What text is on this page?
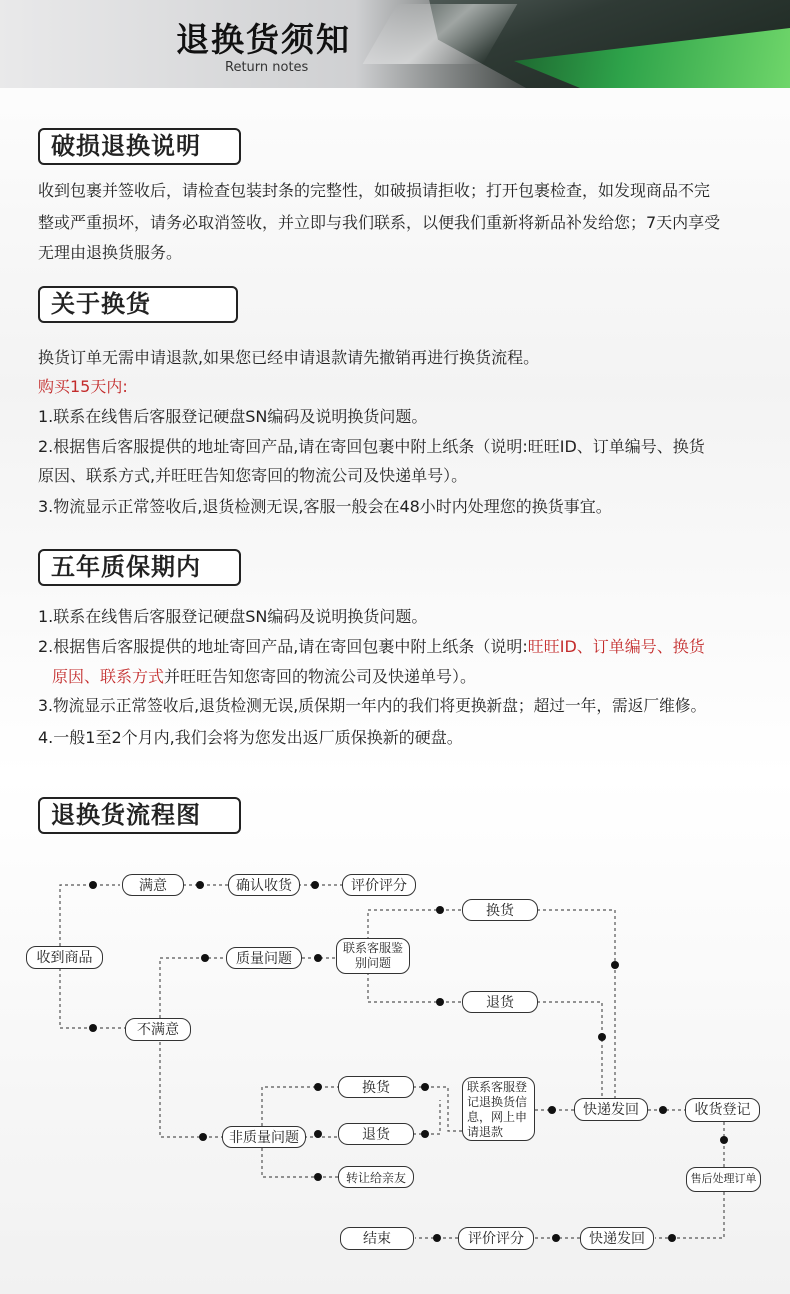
退换货须知
Return notes
破损退换说明
收到包裹并签收后，请检查包装封条的完整性，如破损请拒收；打开包裹检查，如发现商品不完
整或严重损坏，请务必取消签收，并立即与我们联系，以便我们重新将新品补发给您；7天内享受
无理由退换货服务。
关于换货
换货订单无需申请退款,如果您已经申请退款请先撤销再进行换货流程。
购买15天内:
1.联系在线售后客服登记硬盘SN编码及说明换货问题。
2.根据售后客服提供的地址寄回产品,请在寄回包裹中附上纸条（说明:旺旺ID、订单编号、换货
原因、联系方式,并旺旺告知您寄回的物流公司及快递单号）。
3.物流显示正常签收后,退货检测无误,客服一般会在48小时内处理您的换货事宜。
五年质保期内
1.联系在线售后客服登记硬盘SN编码及说明换货问题。
2.根据售后客服提供的地址寄回产品,请在寄回包裹中附上纸条（说明:旺旺ID、订单编号、换货
原因、联系方式并旺旺告知您寄回的物流公司及快递单号）。
3.物流显示正常签收后,退货检测无误,质保期一年内的我们将更换新盘；超过一年，需返厂维修。
4.一般1至2个月内,我们会将为您发出返厂质保换新的硬盘。
退换货流程图
收到商品
满意	确认收货	评价评分
不满意
质量问题
联系客服鉴别问题
换货
退货
非质量问题
换货
退货
转让给亲友
联系客服登记退换货信息，网上申请退款
快递发回	收货登记
售后处理订单
快递发回
评价评分
结束
